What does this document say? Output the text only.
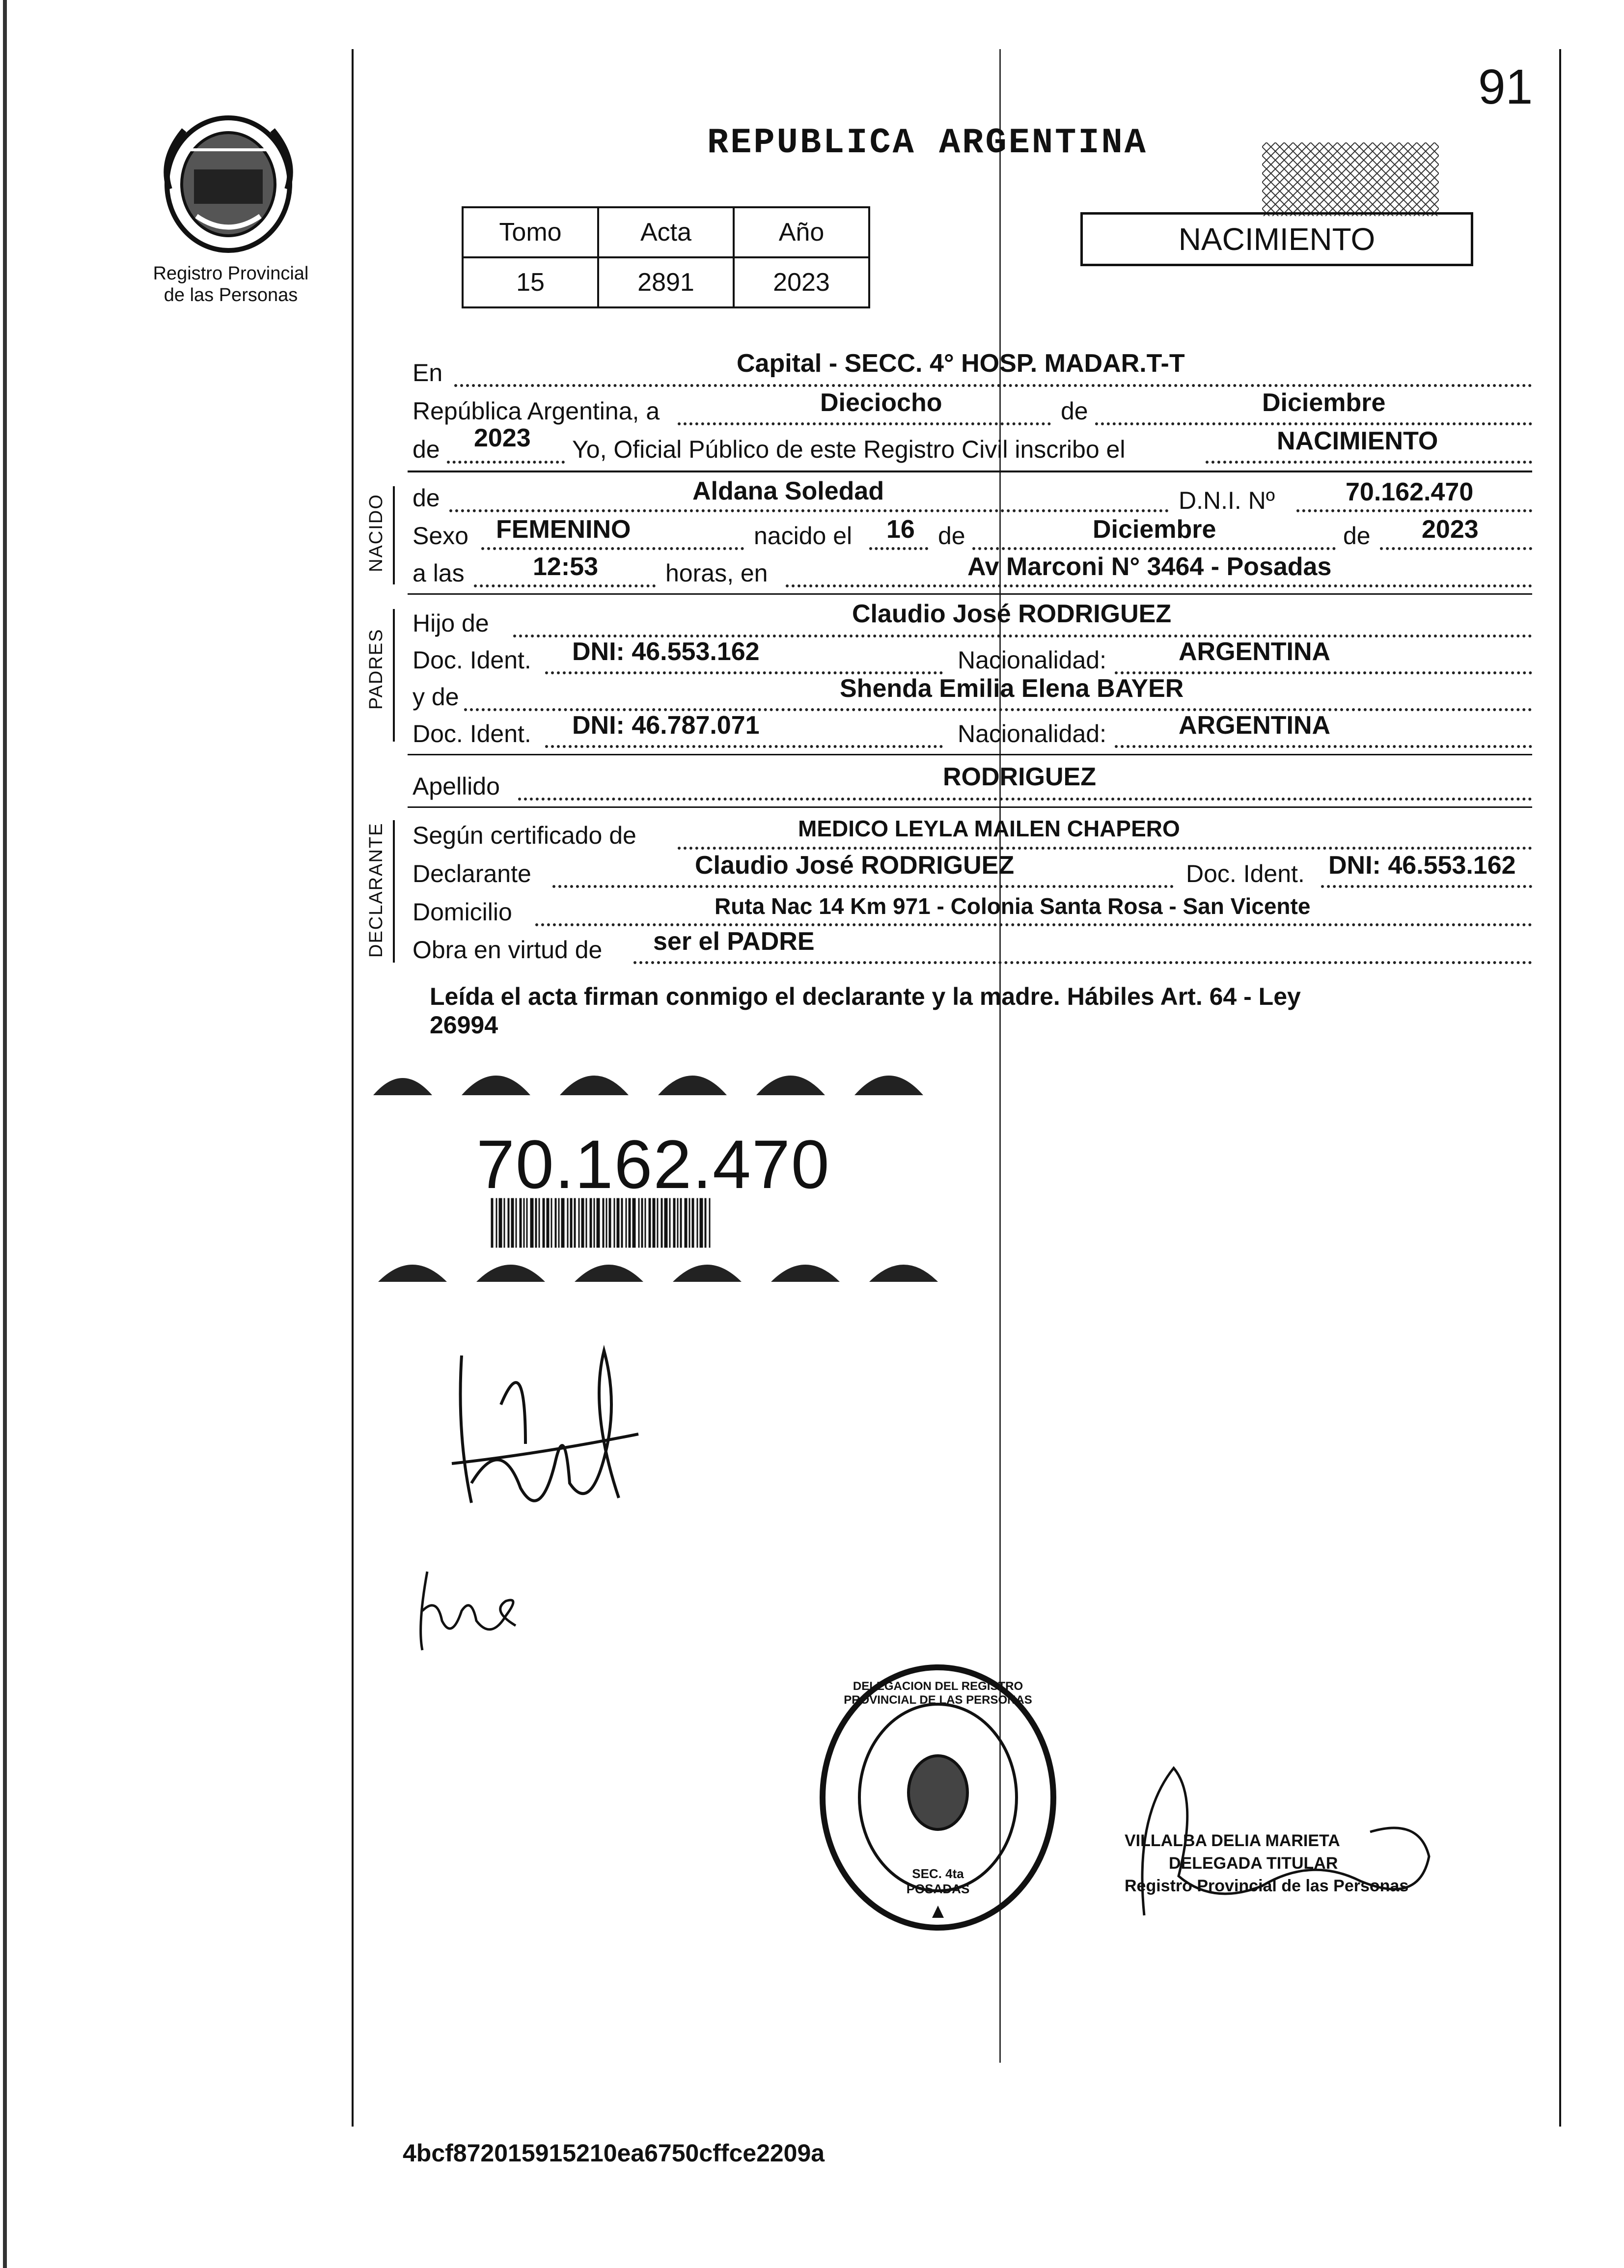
91
Registro Provincial
de las Personas
REPUBLICA ARGENTINA
Tomo	Acta	Año
15	2891	2023
NACIMIENTO
En	Capital - SECC. 4° HOSP. MADAR.T-T
República Argentina, a	Dieciocho	de	Diciembre
de 2023 Yo, Oficial Público de este Registro Civil inscribo el	NACIMIENTO
NACIDO de	Aldana Soledad	D.N.I. Nº	70.162.470
Sexo FEMENINO	nacido el 16 de	Diciembre	de 2023
a las	12:53	horas, en	Av Marconi N° 3464 - Posadas
PADRES
Hijo de	Claudio José RODRIGUEZ
Doc. Ident. DNI: 46.553.162	Nacionalidad:	ARGENTINA
y de	Shenda Emilia Elena BAYER
Doc. Ident. DNI: 46.787.071	Nacionalidad:	ARGENTINA
Apellido	RODRIGUEZ
DECLARANTE Según certificado de	MEDICO LEYLA MAILEN CHAPERO
Declarante	Claudio José RODRIGUEZ	Doc. Ident. DNI: 46.553.162
Domicilio	Ruta Nac 14 Km 971 - Colonia Santa Rosa - San Vicente
Obra en virtud de ser el PADRE
Leída el acta firman conmigo el declarante y la madre. Hábiles Art. 64 - Ley
26994
70.162.470
DELEGACION DEL REGISTRO PROVINCIAL DE LAS PERSONAS
SEC. 4ta POSADAS
VILLALBA DELIA MARIETA
DELEGADA TITULAR
Registro Provincial de las Personas
4bcf872015915210ea6750cffce2209a
